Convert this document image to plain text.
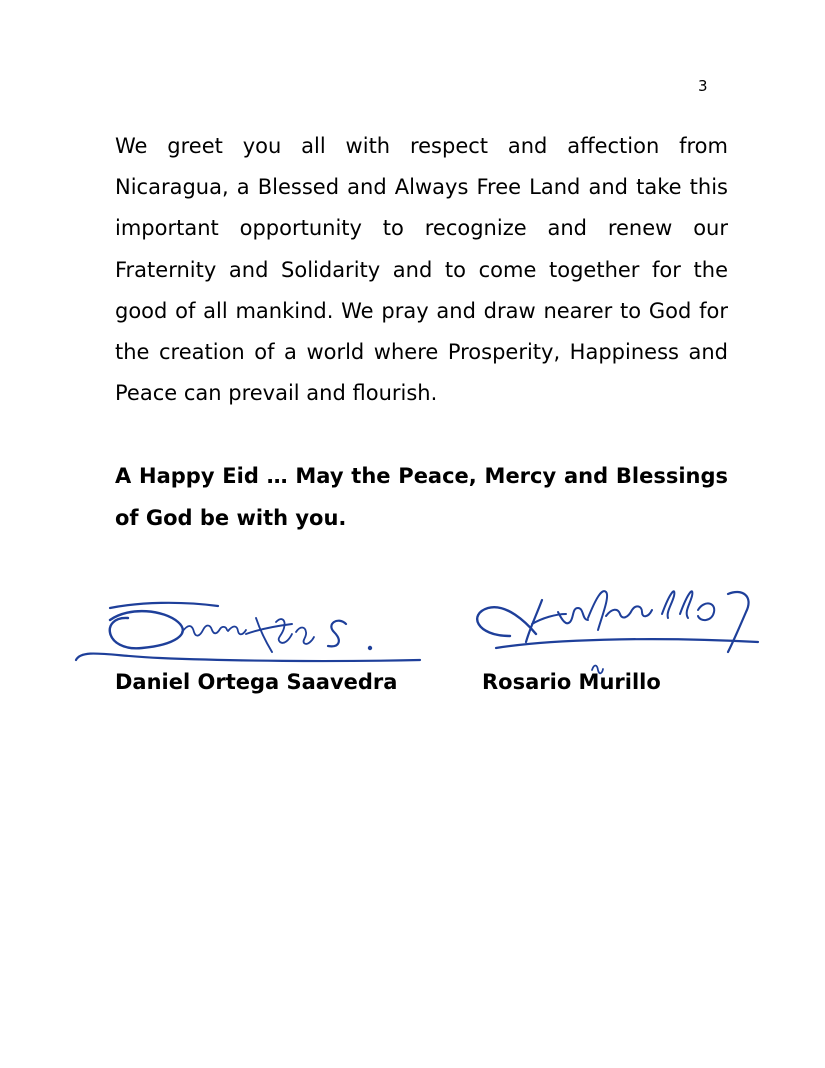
3

We greet you all with respect and affection from Nicaragua, a Blessed and Always Free Land and take this important opportunity to recognize and renew our Fraternity and Solidarity and to come together for the good of all mankind. We pray and draw nearer to God for the creation of a world where Prosperity, Happiness and Peace can prevail and flourish.

A Happy Eid … May the Peace, Mercy and Blessings of God be with you.

Daniel Ortega Saavedra	Rosario Murillo
